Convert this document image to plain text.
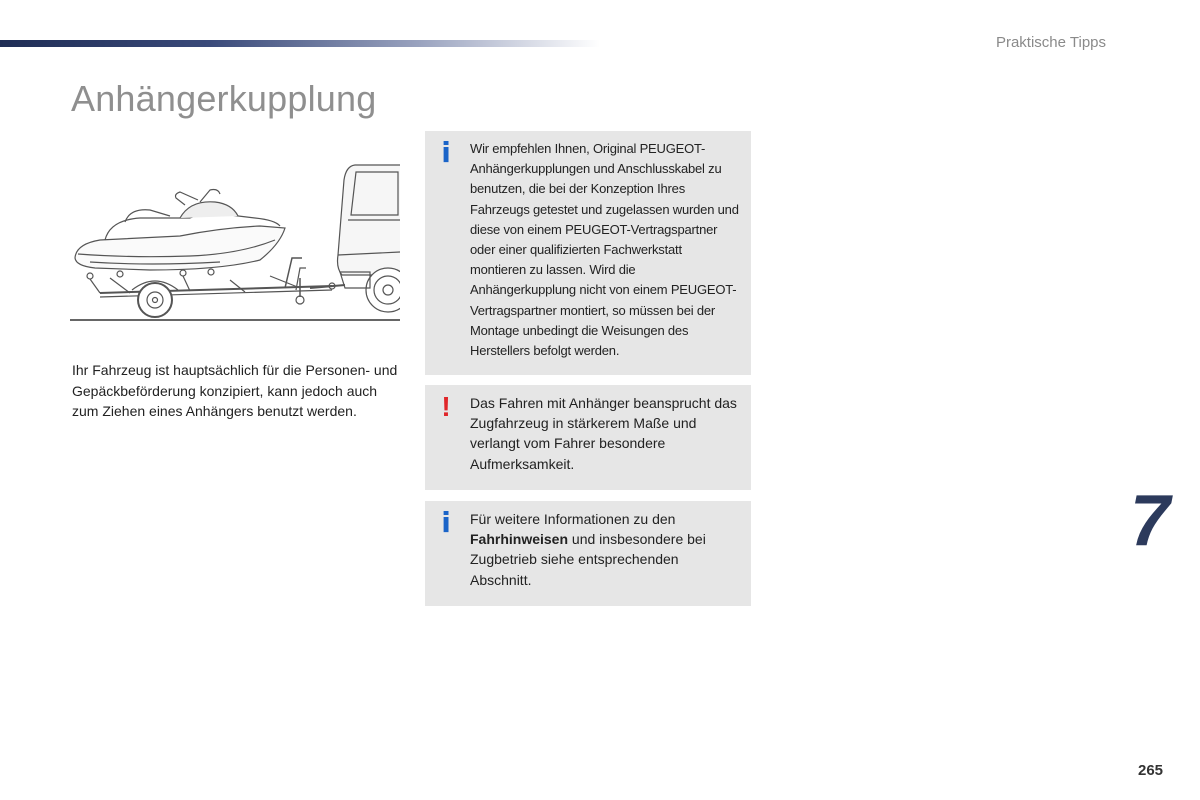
Praktische Tipps
Anhängerkupplung
Ihr Fahrzeug ist hauptsächlich für die Personen- und Gepäckbeförderung konzipiert, kann jedoch auch zum Ziehen eines Anhängers benutzt werden.
i Wir empfehlen Ihnen, Original PEUGEOT-Anhängerkupplungen und Anschlusskabel zu benutzen, die bei der Konzeption Ihres Fahrzeugs getestet und zugelassen wurden und diese von einem PEUGEOT-Vertragspartner oder einer qualifizierten Fachwerkstatt montieren zu lassen. Wird die Anhängerkupplung nicht von einem PEUGEOT-Vertragspartner montiert, so müssen bei der Montage unbedingt die Weisungen des Herstellers befolgt werden.

! Das Fahren mit Anhänger beansprucht das Zugfahrzeug in stärkerem Maße und verlangt vom Fahrer besondere Aufmerksamkeit.

i Für weitere Informationen zu den Fahrhinweisen und insbesondere bei Zugbetrieb siehe entsprechenden Abschnitt.

7
265
